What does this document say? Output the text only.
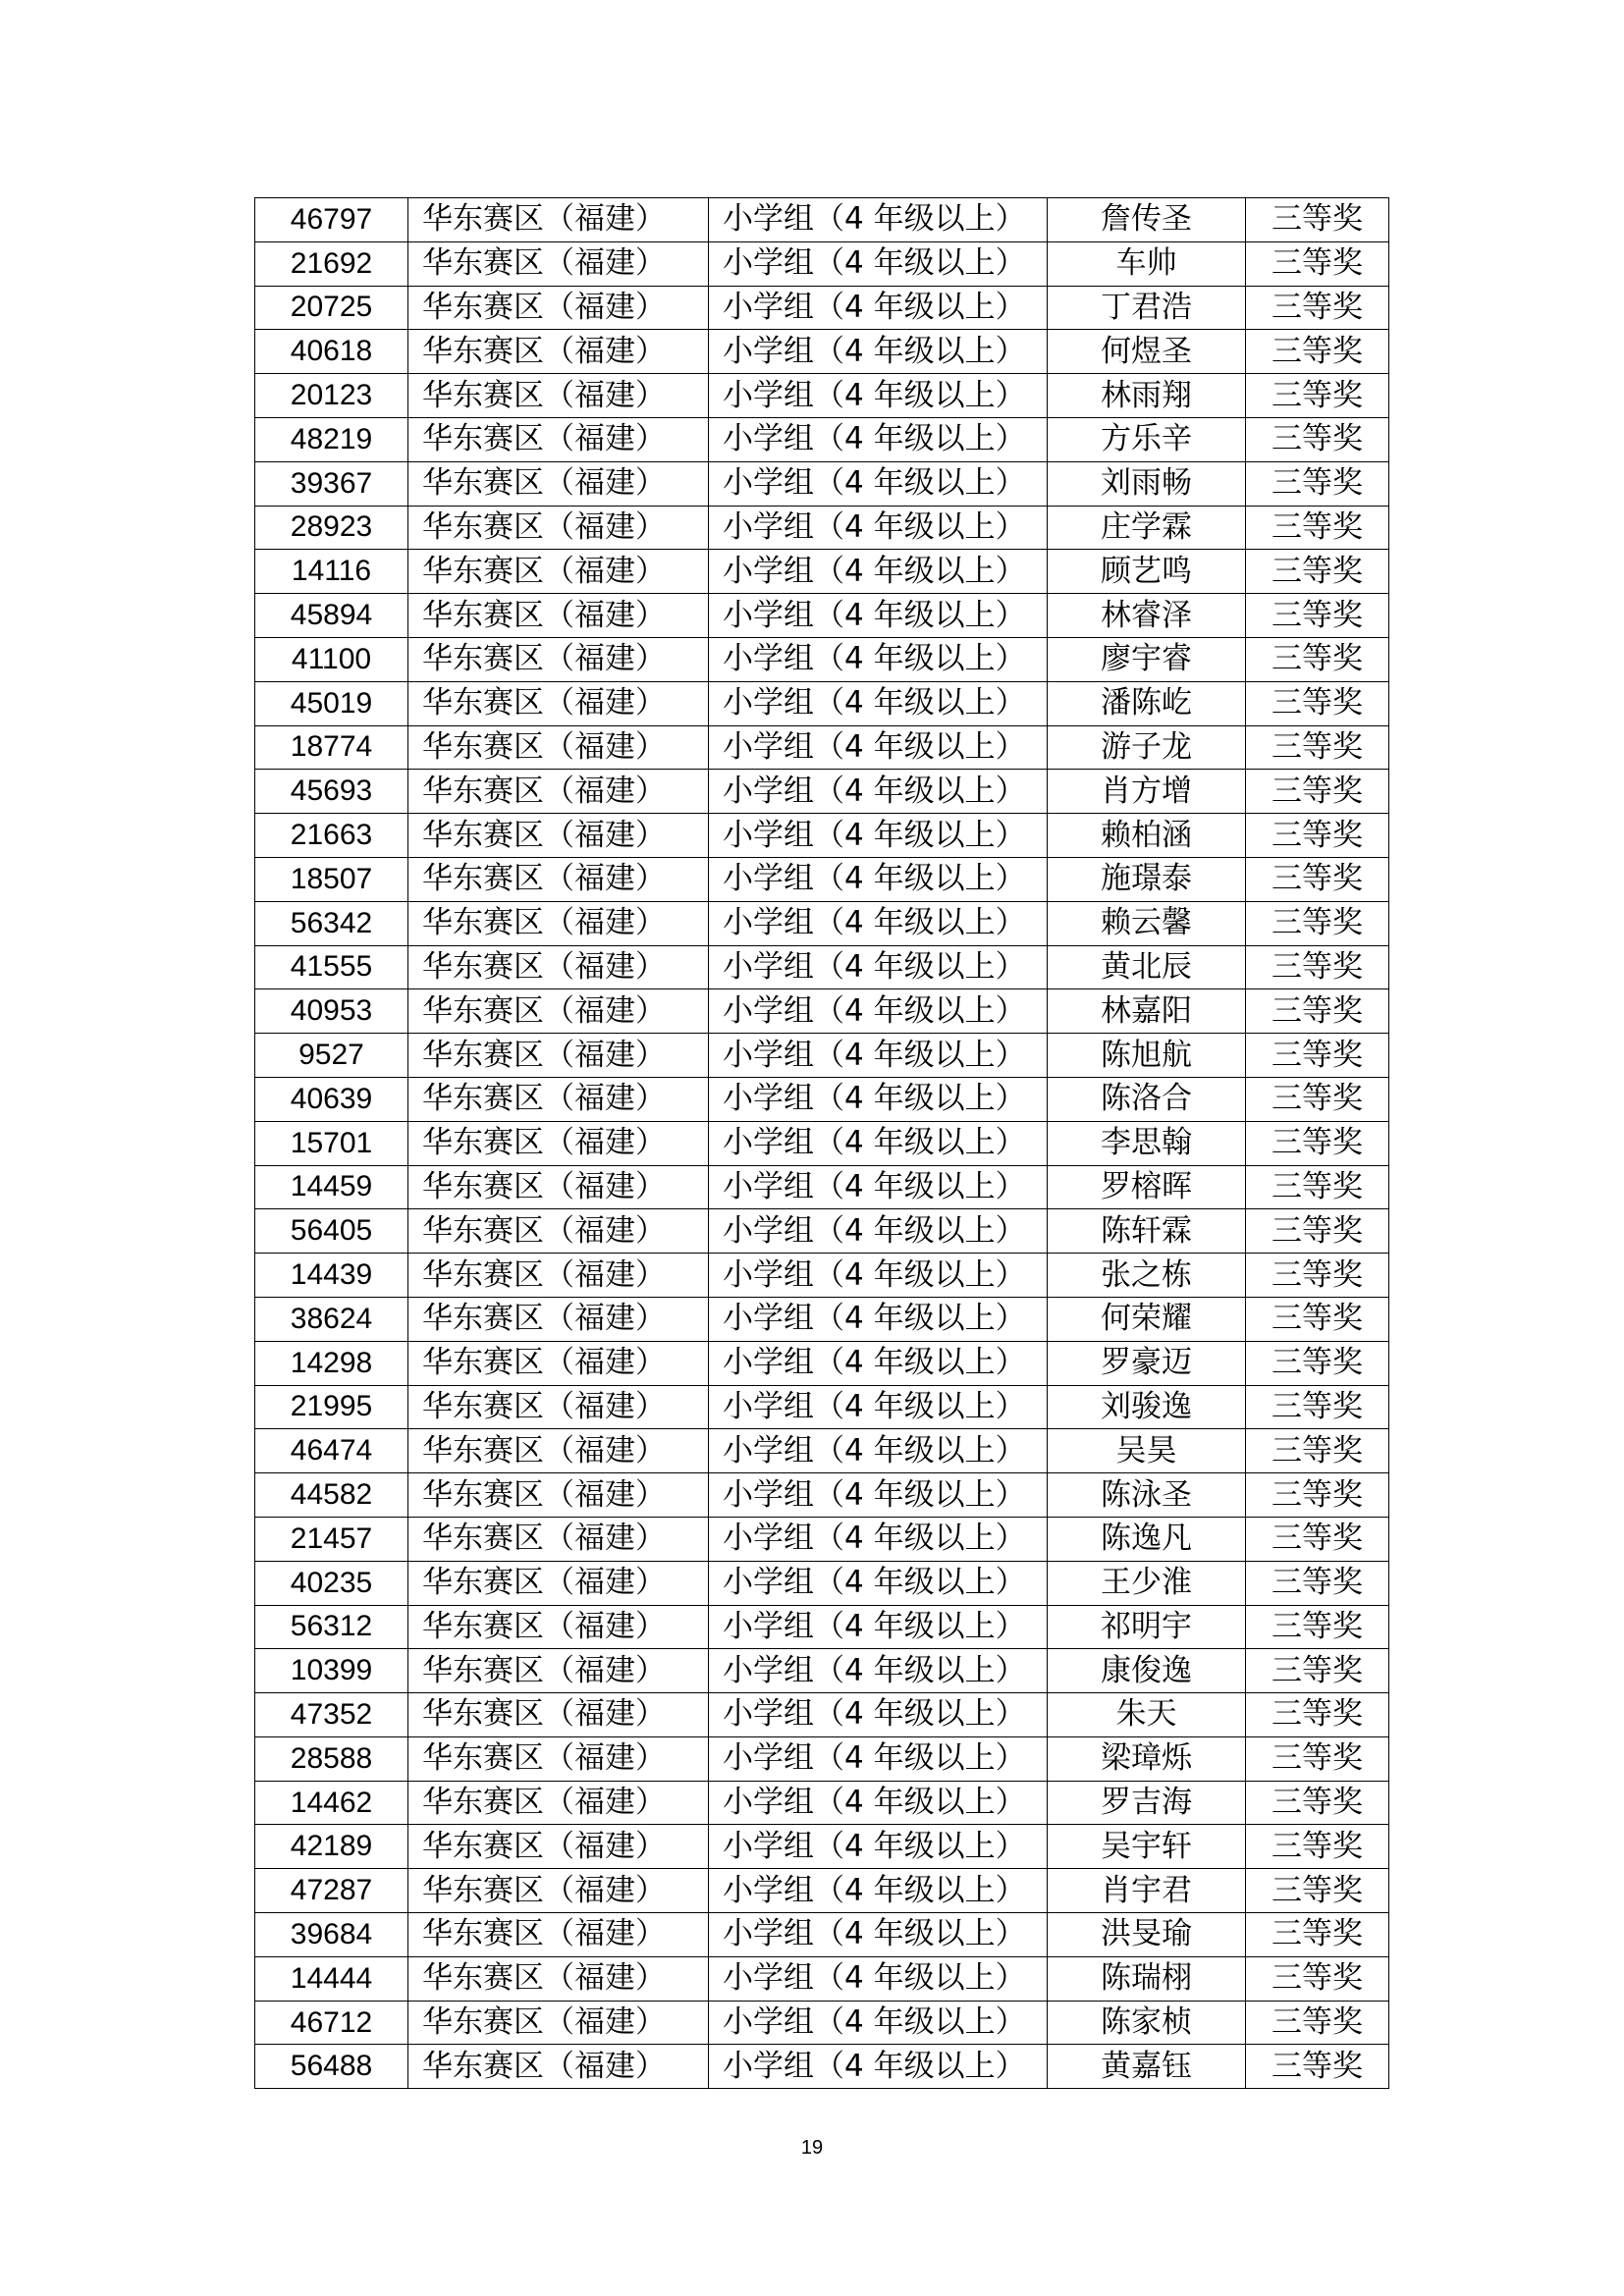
46797	华东赛区（福建）	小学组（4 年级以上）	詹传圣	三等奖
21692	华东赛区（福建）	小学组（4 年级以上）	车帅	三等奖
20725	华东赛区（福建）	小学组（4 年级以上）	丁君浩	三等奖
40618	华东赛区（福建）	小学组（4 年级以上）	何煜圣	三等奖
20123	华东赛区（福建）	小学组（4 年级以上）	林雨翔	三等奖
48219	华东赛区（福建）	小学组（4 年级以上）	方乐辛	三等奖
39367	华东赛区（福建）	小学组（4 年级以上）	刘雨畅	三等奖
28923	华东赛区（福建）	小学组（4 年级以上）	庄学霖	三等奖
14116	华东赛区（福建）	小学组（4 年级以上）	顾艺鸣	三等奖
45894	华东赛区（福建）	小学组（4 年级以上）	林睿泽	三等奖
41100	华东赛区（福建）	小学组（4 年级以上）	廖宇睿	三等奖
45019	华东赛区（福建）	小学组（4 年级以上）	潘陈屹	三等奖
18774	华东赛区（福建）	小学组（4 年级以上）	游子龙	三等奖
45693	华东赛区（福建）	小学组（4 年级以上）	肖方增	三等奖
21663	华东赛区（福建）	小学组（4 年级以上）	赖柏涵	三等奖
18507	华东赛区（福建）	小学组（4 年级以上）	施璟泰	三等奖
56342	华东赛区（福建）	小学组（4 年级以上）	赖云馨	三等奖
41555	华东赛区（福建）	小学组（4 年级以上）	黄北辰	三等奖
40953	华东赛区（福建）	小学组（4 年级以上）	林嘉阳	三等奖
9527	华东赛区（福建）	小学组（4 年级以上）	陈旭航	三等奖
40639	华东赛区（福建）	小学组（4 年级以上）	陈洛合	三等奖
15701	华东赛区（福建）	小学组（4 年级以上）	李思翰	三等奖
14459	华东赛区（福建）	小学组（4 年级以上）	罗榕晖	三等奖
56405	华东赛区（福建）	小学组（4 年级以上）	陈轩霖	三等奖
14439	华东赛区（福建）	小学组（4 年级以上）	张之栋	三等奖
38624	华东赛区（福建）	小学组（4 年级以上）	何荣耀	三等奖
14298	华东赛区（福建）	小学组（4 年级以上）	罗豪迈	三等奖
21995	华东赛区（福建）	小学组（4 年级以上）	刘骏逸	三等奖
46474	华东赛区（福建）	小学组（4 年级以上）	吴昊	三等奖
44582	华东赛区（福建）	小学组（4 年级以上）	陈泳圣	三等奖
21457	华东赛区（福建）	小学组（4 年级以上）	陈逸凡	三等奖
40235	华东赛区（福建）	小学组（4 年级以上）	王少淮	三等奖
56312	华东赛区（福建）	小学组（4 年级以上）	祁明宇	三等奖
10399	华东赛区（福建）	小学组（4 年级以上）	康俊逸	三等奖
47352	华东赛区（福建）	小学组（4 年级以上）	朱天	三等奖
28588	华东赛区（福建）	小学组（4 年级以上）	梁璋烁	三等奖
14462	华东赛区（福建）	小学组（4 年级以上）	罗吉海	三等奖
42189	华东赛区（福建）	小学组（4 年级以上）	吴宇轩	三等奖
47287	华东赛区（福建）	小学组（4 年级以上）	肖宇君	三等奖
39684	华东赛区（福建）	小学组（4 年级以上）	洪旻瑜	三等奖
14444	华东赛区（福建）	小学组（4 年级以上）	陈瑞栩	三等奖
46712	华东赛区（福建）	小学组（4 年级以上）	陈家桢	三等奖
56488	华东赛区（福建）	小学组（4 年级以上）	黄嘉钰	三等奖
19
